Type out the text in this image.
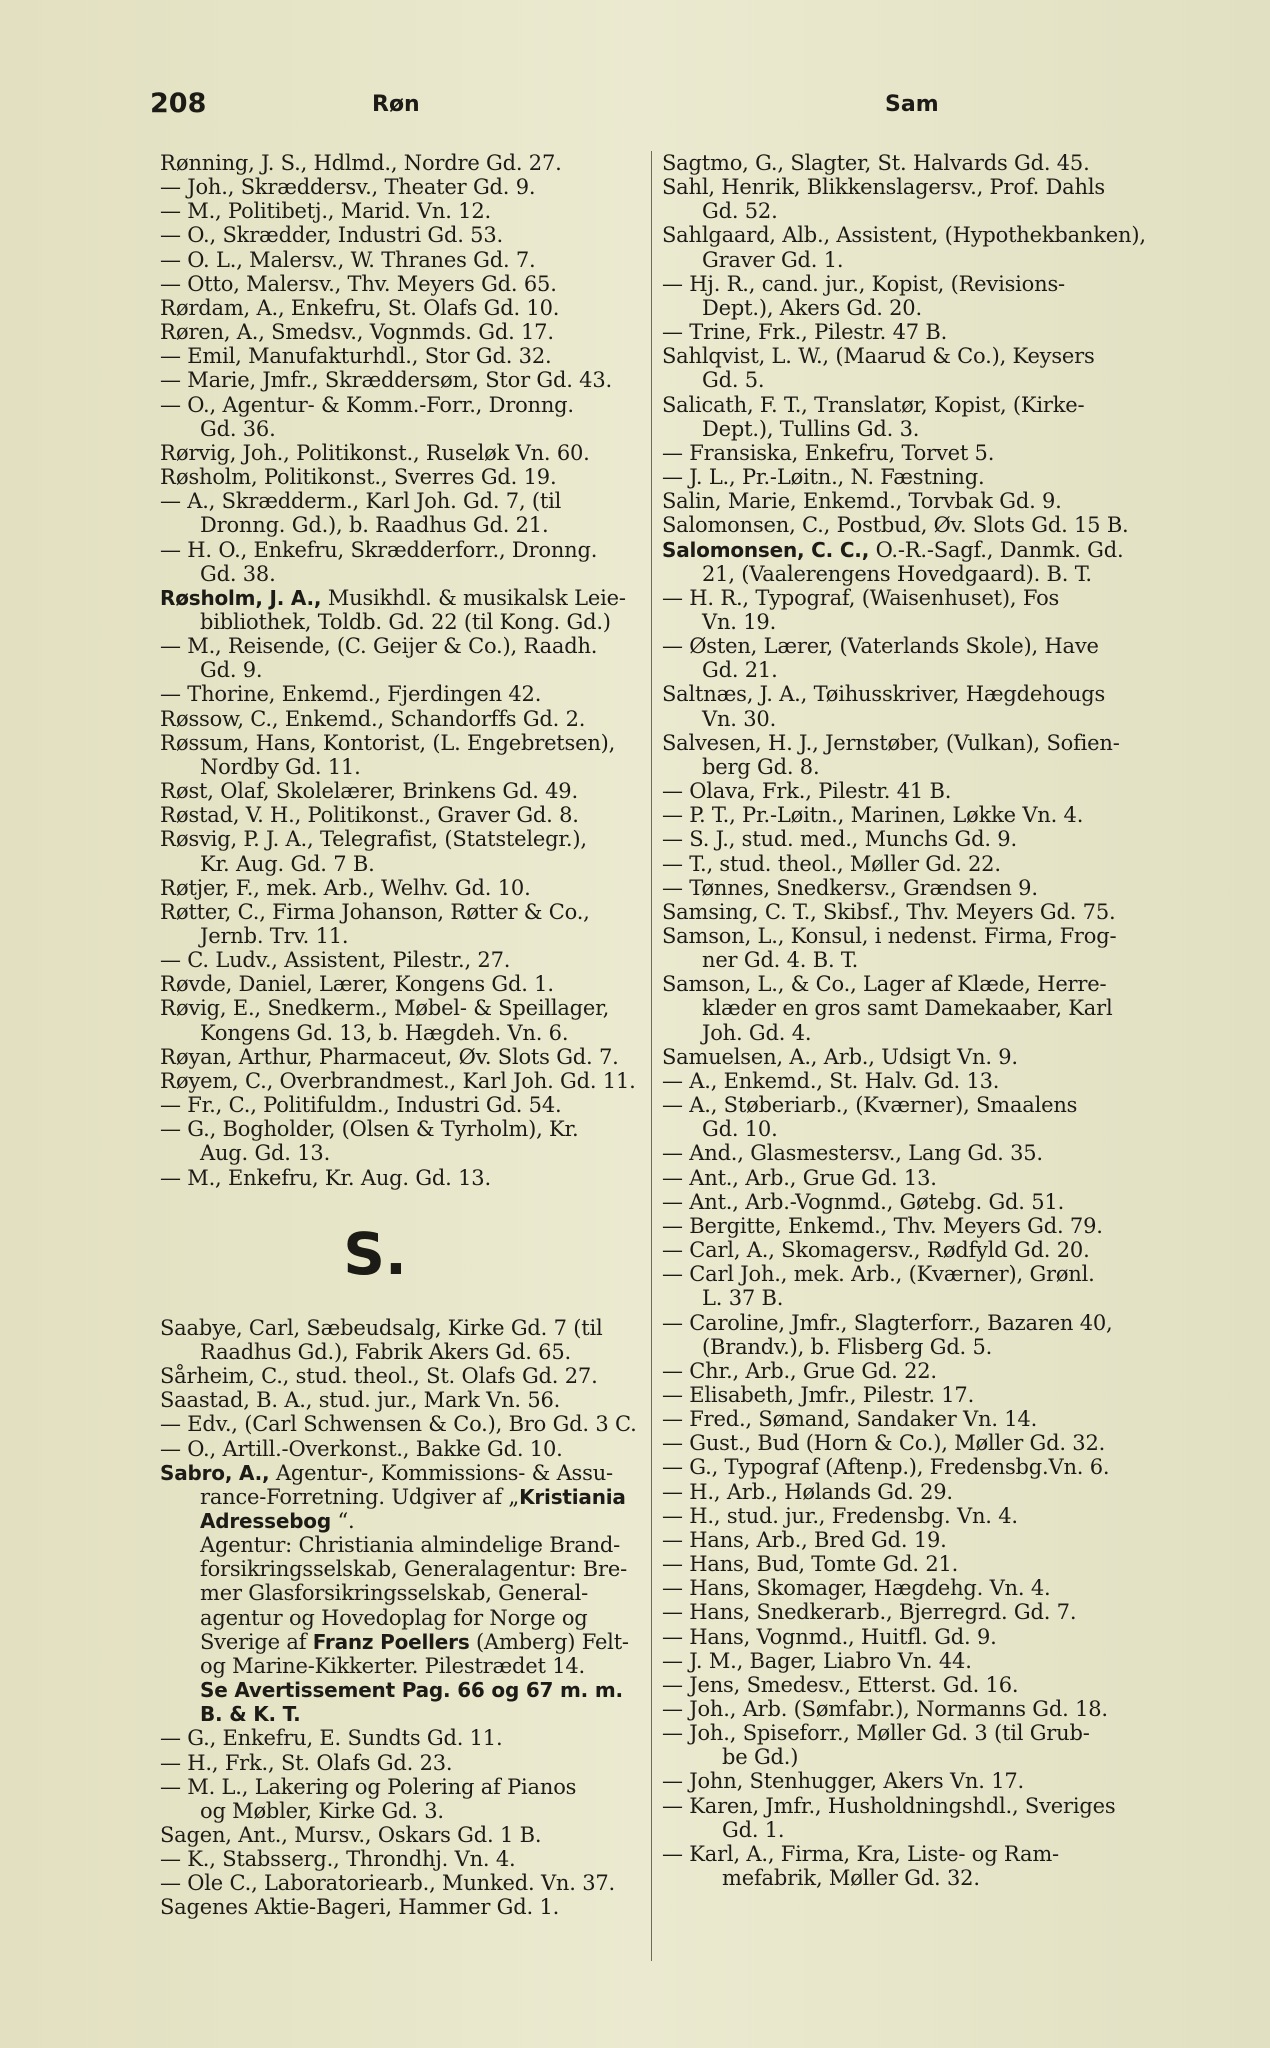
208	Røn	Sam
Rønning, J. S., Hdlmd., Nordre Gd. 27.
— Joh., Skræddersv., Theater Gd. 9.
— M., Politibetj., Marid. Vn. 12.
— O., Skrædder, Industri Gd. 53.
— O. L., Malersv., W. Thranes Gd. 7.
— Otto, Malersv., Thv. Meyers Gd. 65.
Rørdam, A., Enkefru, St. Olafs Gd. 10.
Røren, A., Smedsv., Vognmds. Gd. 17.
— Emil, Manufakturhdl., Stor Gd. 32.
— Marie, Jmfr., Skræddersøm, Stor Gd. 43.
— O., Agentur- & Komm.-Forr., Dronng.
Gd. 36.
Rørvig, Joh., Politikonst., Ruseløk Vn. 60.
Røsholm, Politikonst., Sverres Gd. 19.
— A., Skrædderm., Karl Joh. Gd. 7, (til
Dronng. Gd.), b. Raadhus Gd. 21.
— H. O., Enkefru, Skrædderforr., Dronng.
Gd. 38.
Røsholm, J. A., Musikhdl. & musikalsk Leie-
bibliothek, Toldb. Gd. 22 (til Kong. Gd.)
— M., Reisende, (C. Geijer & Co.), Raadh.
Gd. 9.
— Thorine, Enkemd., Fjerdingen 42.
Røssow, C., Enkemd., Schandorffs Gd. 2.
Røssum, Hans, Kontorist, (L. Engebretsen),
Nordby Gd. 11.
Røst, Olaf, Skolelærer, Brinkens Gd. 49.
Røstad, V. H., Politikonst., Graver Gd. 8.
Røsvig, P. J. A., Telegrafist, (Statstelegr.),
Kr. Aug. Gd. 7 B.
Røtjer, F., mek. Arb., Welhv. Gd. 10.
Røtter, C., Firma Johanson, Røtter & Co.,
Jernb. Trv. 11.
— C. Ludv., Assistent, Pilestr., 27.
Røvde, Daniel, Lærer, Kongens Gd. 1.
Røvig, E., Snedkerm., Møbel- & Speillager,
Kongens Gd. 13, b. Hægdeh. Vn. 6.
Røyan, Arthur, Pharmaceut, Øv. Slots Gd. 7.
Røyem, C., Overbrandmest., Karl Joh. Gd. 11.
— Fr., C., Politifuldm., Industri Gd. 54.
— G., Bogholder, (Olsen & Tyrholm), Kr.
Aug. Gd. 13.
— M., Enkefru, Kr. Aug. Gd. 13.
S.
Saabye, Carl, Sæbeudsalg, Kirke Gd. 7 (til
Raadhus Gd.), Fabrik Akers Gd. 65.
Sårheim, C., stud. theol., St. Olafs Gd. 27.
Saastad, B. A., stud. jur., Mark Vn. 56.
— Edv., (Carl Schwensen & Co.), Bro Gd. 3 C.
— O., Artill.-Overkonst., Bakke Gd. 10.
Sabro, A., Agentur-, Kommissions- & Assu-
rance-Forretning. Udgiver af „Kristiania
Adressebog “.
Agentur: Christiania almindelige Brand-
forsikringsselskab, Generalagentur: Bre-
mer Glasforsikringsselskab, General-
agentur og Hovedoplag for Norge og
Sverige af Franz Poellers (Amberg) Felt-
og Marine-Kikkerter. Pilestrædet 14.
Se Avertissement Pag. 66 og 67 m. m.
B. & K. T.
— G., Enkefru, E. Sundts Gd. 11.
— H., Frk., St. Olafs Gd. 23.
— M. L., Lakering og Polering af Pianos
og Møbler, Kirke Gd. 3.
Sagen, Ant., Mursv., Oskars Gd. 1 B.
— K., Stabsserg., Throndhj. Vn. 4.
— Ole C., Laboratoriearb., Munked. Vn. 37.
Sagenes Aktie-Bageri, Hammer Gd. 1.
Sagtmo, G., Slagter, St. Halvards Gd. 45.
Sahl, Henrik, Blikkenslagersv., Prof. Dahls
Gd. 52.
Sahlgaard, Alb., Assistent, (Hypothekbanken),
Graver Gd. 1.
— Hj. R., cand. jur., Kopist, (Revisions-
Dept.), Akers Gd. 20.
— Trine, Frk., Pilestr. 47 B.
Sahlqvist, L. W., (Maarud & Co.), Keysers
Gd. 5.
Salicath, F. T., Translatør, Kopist, (Kirke-
Dept.), Tullins Gd. 3.
— Fransiska, Enkefru, Torvet 5.
— J. L., Pr.-Løitn., N. Fæstning.
Salin, Marie, Enkemd., Torvbak Gd. 9.
Salomonsen, C., Postbud, Øv. Slots Gd. 15 B.
Salomonsen, C. C., O.-R.-Sagf., Danmk. Gd.
21, (Vaalerengens Hovedgaard). B. T.
— H. R., Typograf, (Waisenhuset), Fos
Vn. 19.
— Østen, Lærer, (Vaterlands Skole), Have
Gd. 21.
Saltnæs, J. A., Tøihusskriver, Hægdehougs
Vn. 30.
Salvesen, H. J., Jernstøber, (Vulkan), Sofien-
berg Gd. 8.
— Olava, Frk., Pilestr. 41 B.
— P. T., Pr.-Løitn., Marinen, Løkke Vn. 4.
— S. J., stud. med., Munchs Gd. 9.
— T., stud. theol., Møller Gd. 22.
— Tønnes, Snedkersv., Grændsen 9.
Samsing, C. T., Skibsf., Thv. Meyers Gd. 75.
Samson, L., Konsul, i nedenst. Firma, Frog-
ner Gd. 4. B. T.
Samson, L., & Co., Lager af Klæde, Herre-
klæder en gros samt Damekaaber, Karl
Joh. Gd. 4.
Samuelsen, A., Arb., Udsigt Vn. 9.
— A., Enkemd., St. Halv. Gd. 13.
— A., Støberiarb., (Kværner), Smaalens
Gd. 10.
— And., Glasmestersv., Lang Gd. 35.
— Ant., Arb., Grue Gd. 13.
— Ant., Arb.-Vognmd., Gøtebg. Gd. 51.
— Bergitte, Enkemd., Thv. Meyers Gd. 79.
— Carl, A., Skomagersv., Rødfyld Gd. 20.
— Carl Joh., mek. Arb., (Kværner), Grønl.
L. 37 B.
— Caroline, Jmfr., Slagterforr., Bazaren 40,
(Brandv.), b. Flisberg Gd. 5.
— Chr., Arb., Grue Gd. 22.
— Elisabeth, Jmfr., Pilestr. 17.
— Fred., Sømand, Sandaker Vn. 14.
— Gust., Bud (Horn & Co.), Møller Gd. 32.
— G., Typograf (Aftenp.), Fredensbg.Vn. 6.
— H., Arb., Hølands Gd. 29.
— H., stud. jur., Fredensbg. Vn. 4.
— Hans, Arb., Bred Gd. 19.
— Hans, Bud, Tomte Gd. 21.
— Hans, Skomager, Hægdehg. Vn. 4.
— Hans, Snedkerarb., Bjerregrd. Gd. 7.
— Hans, Vognmd., Huitfl. Gd. 9.
— J. M., Bager, Liabro Vn. 44.
— Jens, Smedesv., Etterst. Gd. 16.
— Joh., Arb. (Sømfabr.), Normanns Gd. 18.
— Joh., Spiseforr., Møller Gd. 3 (til Grub-
be Gd.)
— John, Stenhugger, Akers Vn. 17.
— Karen, Jmfr., Husholdningshdl., Sveriges
Gd. 1.
— Karl, A., Firma, Kra, Liste- og Ram-
mefabrik, Møller Gd. 32.
